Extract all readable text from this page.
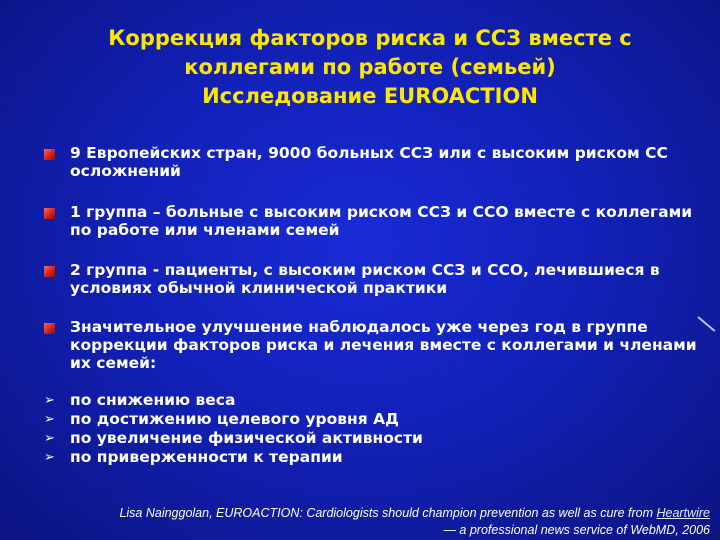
Коррекция факторов риска и ССЗ вместе с
коллегами по работе (семьей)
Исследование EUROACTION
9 Европейских стран, 9000 больных ССЗ или с высоким риском СС осложнений
1 группа – больные с высоким риском ССЗ и ССО вместе с коллегами по работе или членами семей
2 группа - пациенты, с высоким риском ССЗ и ССО, лечившиеся в условиях обычной клинической практики
Значительное улучшение наблюдалось уже через год в группе коррекции факторов риска и лечения вместе с коллегами и членами их семей:
➢ по снижению веса
➢ по достижению целевого уровня АД
➢ по увеличение физической активности
➢ по приверженности к терапии
Lisa Nainggolan, EUROACTION: Cardiologists should champion prevention as well as cure from Heartwire
— a professional news service of WebMD, 2006
